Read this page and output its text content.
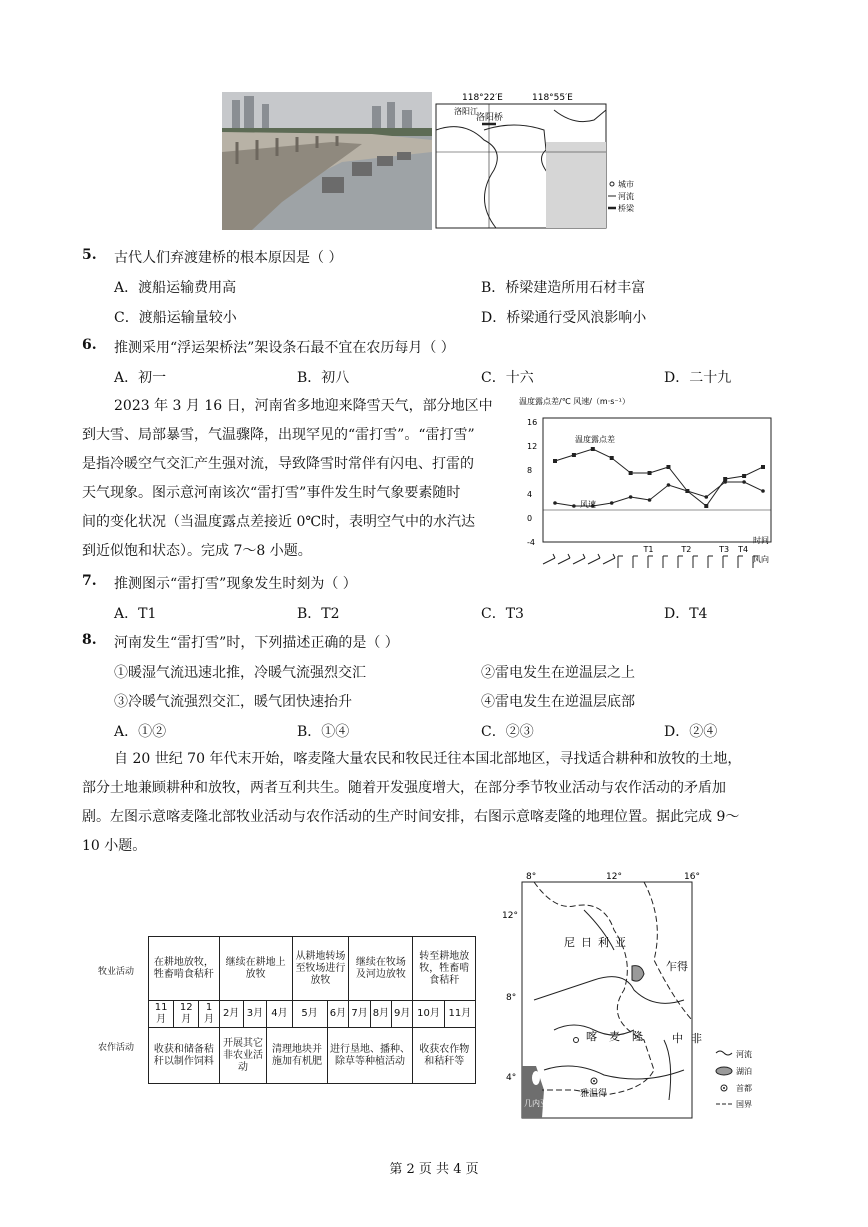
118°22′E	118°55′E
洛阳江
洛阳桥
城市
河流
桥梁
5. 古代人们弃渡建桥的根本原因是（ ）
A．渡船运输费用高	B．桥梁建造所用石材丰富
C．渡船运输量较小	D．桥梁通行受风浪影响小
6. 推测采用“浮运架桥法”架设条石最不宜在农历每月（ ）
A．初一	B．初八	C．十六	D．二十九
2023 年 3 月 16 日，河南省多地迎来降雪天气，部分地区中
到大雪、局部暴雪，气温骤降，出现罕见的“雷打雪”。“雷打雪”
是指冷暖空气交汇产生强对流，导致降雪时常伴有闪电、打雷的
天气现象。图示意河南该次“雷打雪”事件发生时气象要素随时
间的变化状况（当温度露点差接近 0℃时，表明空气中的水汽达
到近似饱和状态）。完成 7～8 小题。
温度露点差/℃ 风速/（m·s⁻¹）
16
12
8
4
0
-4
温度露点差
风速
T1	T2	T3 T4
时间
风向
7. 推测图示“雷打雪”现象发生时刻为（ ）
A．T1	B．T2	C．T3	D．T4
8. 河南发生“雷打雪”时，下列描述正确的是（ ）
①暖湿气流迅速北推，冷暖气流强烈交汇	②雷电发生在逆温层之上
③冷暖气流强烈交汇，暖气团快速抬升	④雷电发生在逆温层底部
A．①②	B．①④	C．②③	D．②④
自 20 世纪 70 年代末开始，喀麦隆大量农民和牧民迁往本国北部地区，寻找适合耕种和放牧的土地，
部分土地兼顾耕种和放牧，两者互利共生。随着开发强度增大，在部分季节牧业活动与农作活动的矛盾加
剧。左图示意喀麦隆北部牧业活动与农作活动的生产时间安排，右图示意喀麦隆的地理位置。据此完成 9～
10 小题。
牧业活动
农作活动
在耕地放牧，牲畜啃食秸秆			继续在耕地上放牧			从耕地转场至牧场进行放牧		继续在牧场及河边放牧			转至耕地放牧，牲畜啃食秸秆	
11月	12月	1月	2月	3月	4月	5月	6月	7月	8月	9月	10月	11月
收获和储备秸秆以制作饲料			开展其它非农业活动		清理地块并施加有机肥		进行垦地、播种、除草等种植活动				收获农作物和秸秆等	
8°	12°	16°
12°
8°
4°
尼日利亚
乍得
喀麦隆 中非
雅温得
几内亚湾
河流
湖泊
首都
国界
第 2 页 共 4 页
